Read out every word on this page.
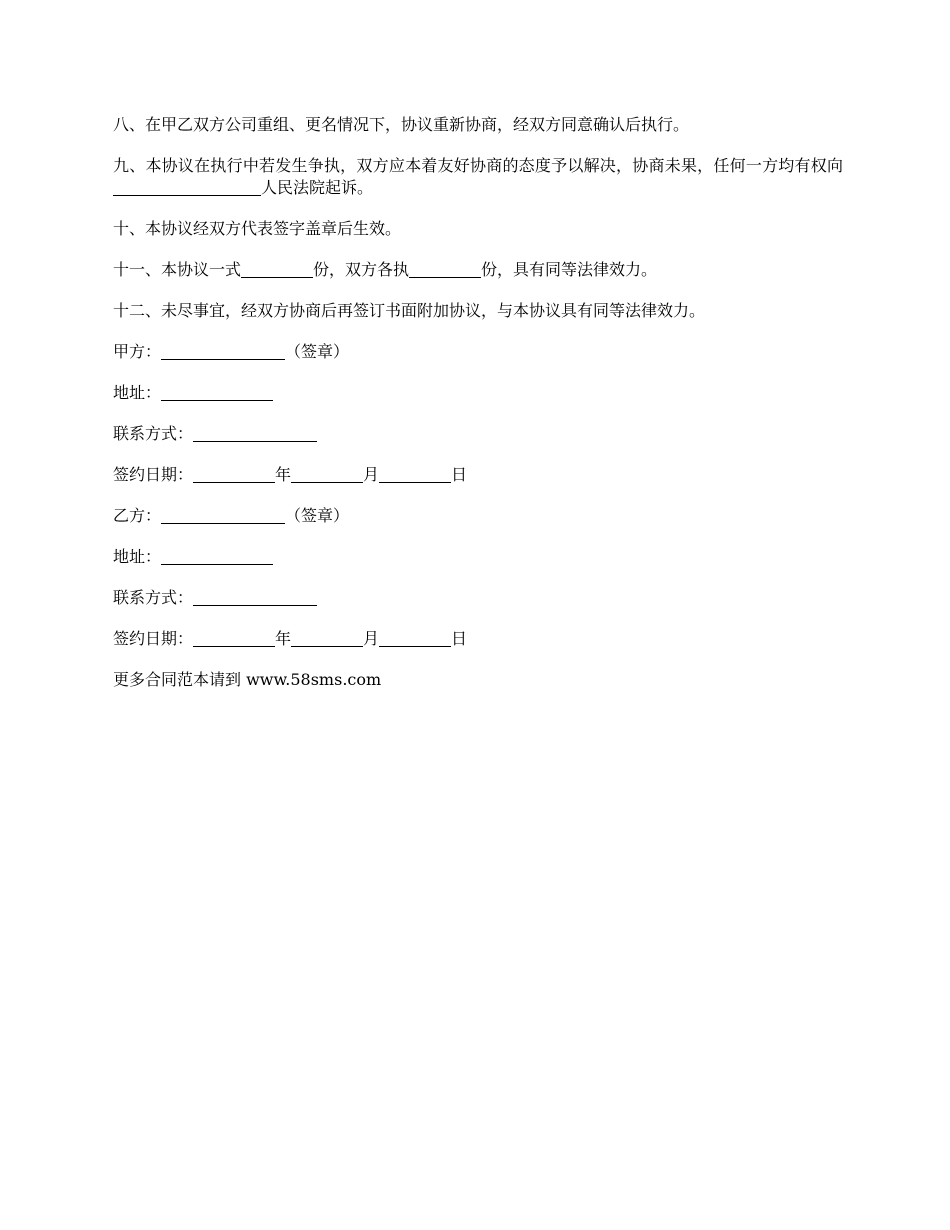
八、在甲乙双方公司重组、更名情况下，协议重新协商，经双方同意确认后执行。

九、本协议在执行中若发生争执，双方应本着友好协商的态度予以解决，协商未果，任何一方均有权向人民法院起诉。

十、本协议经双方代表签字盖章后生效。

十一、本协议一式	份，双方各执	份，具有同等法律效力。

十二、未尽事宜，经双方协商后再签订书面附加协议，与本协议具有同等法律效力。

甲方：	（签章）

地址：

联系方式：

签约日期：	年	月	日

乙方：	（签章）

地址：

联系方式：

签约日期：	年	月	日

更多合同范本请到 www.58sms.com
